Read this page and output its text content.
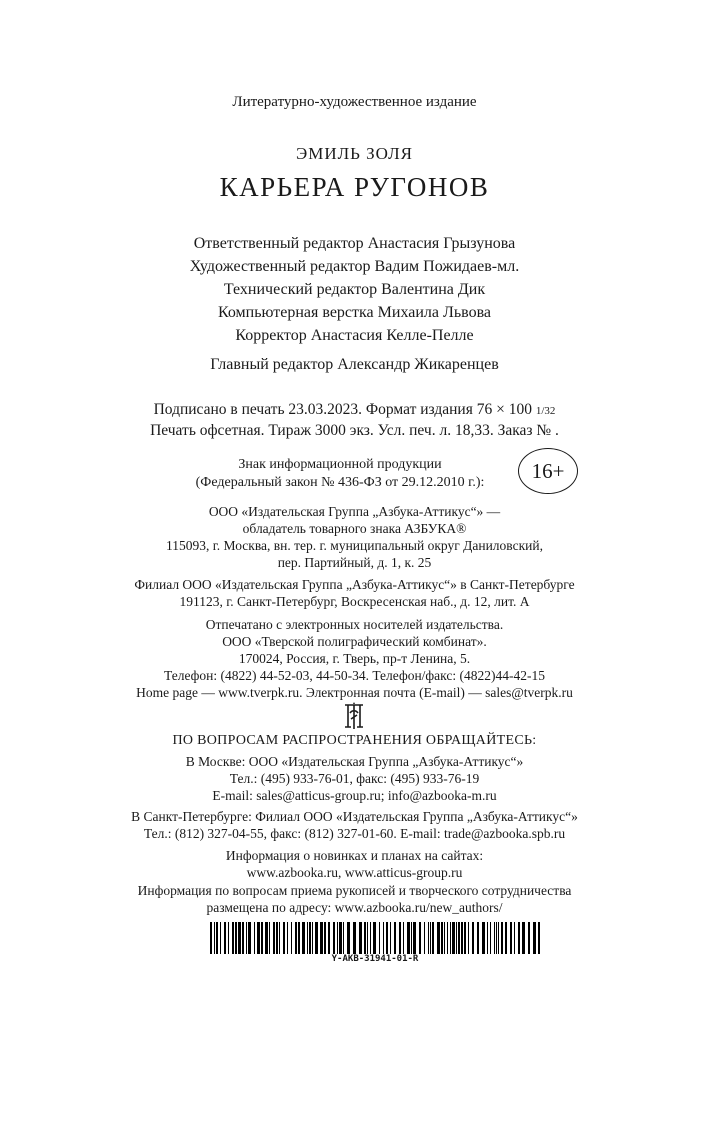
Литературно-художественное издание
ЭМИЛЬ ЗОЛЯ
КАРЬЕРА РУГОНОВ
Ответственный редактор Анастасия Грызунова
Художественный редактор Вадим Пожидаев-мл.
Технический редактор Валентина Дик
Компьютерная верстка Михаила Львова
Корректор Анастасия Келле-Пелле
Главный редактор Александр Жикаренцев
Подписано в печать 23.03.2023. Формат издания 76 × 100 1/32
Печать офсетная. Тираж 3000 экз. Усл. печ. л. 18,33. Заказ № .
Знак информационной продукции
(Федеральный закон № 436-ФЗ от 29.12.2010 г.):	16+
ООО «Издательская Группа „Азбука-Аттикус“» —
обладатель товарного знака АЗБУКА®
115093, г. Москва, вн. тер. г. муниципальный округ Даниловский,
пер. Партийный, д. 1, к. 25
Филиал ООО «Издательская Группа „Азбука-Аттикус“» в Санкт-Петербурге
191123, г. Санкт-Петербург, Воскресенская наб., д. 12, лит. А
Отпечатано с электронных носителей издательства.
ООО «Тверской полиграфический комбинат».
170024, Россия, г. Тверь, пр-т Ленина, 5.
Телефон: (4822) 44-52-03, 44-50-34. Телефон/факс: (4822)44-42-15
Home page — www.tverpk.ru. Электронная почта (E-mail) — sales@tverpk.ru
ПО ВОПРОСАМ РАСПРОСТРАНЕНИЯ ОБРАЩАЙТЕСЬ:
В Москве: ООО «Издательская Группа „Азбука-Аттикус“»
Тел.: (495) 933-76-01, факс: (495) 933-76-19
E-mail: sales@atticus-group.ru; info@azbooka-m.ru
В Санкт-Петербурге: Филиал ООО «Издательская Группа „Азбука-Аттикус“»
Тел.: (812) 327-04-55, факс: (812) 327-01-60. E-mail: trade@azbooka.spb.ru
Информация о новинках и планах на сайтах:
www.azbooka.ru, www.atticus-group.ru
Информация по вопросам приема рукописей и творческого сотрудничества
размещена по адресу: www.azbooka.ru/new_authors/
Y-AKB-31941-01-R
